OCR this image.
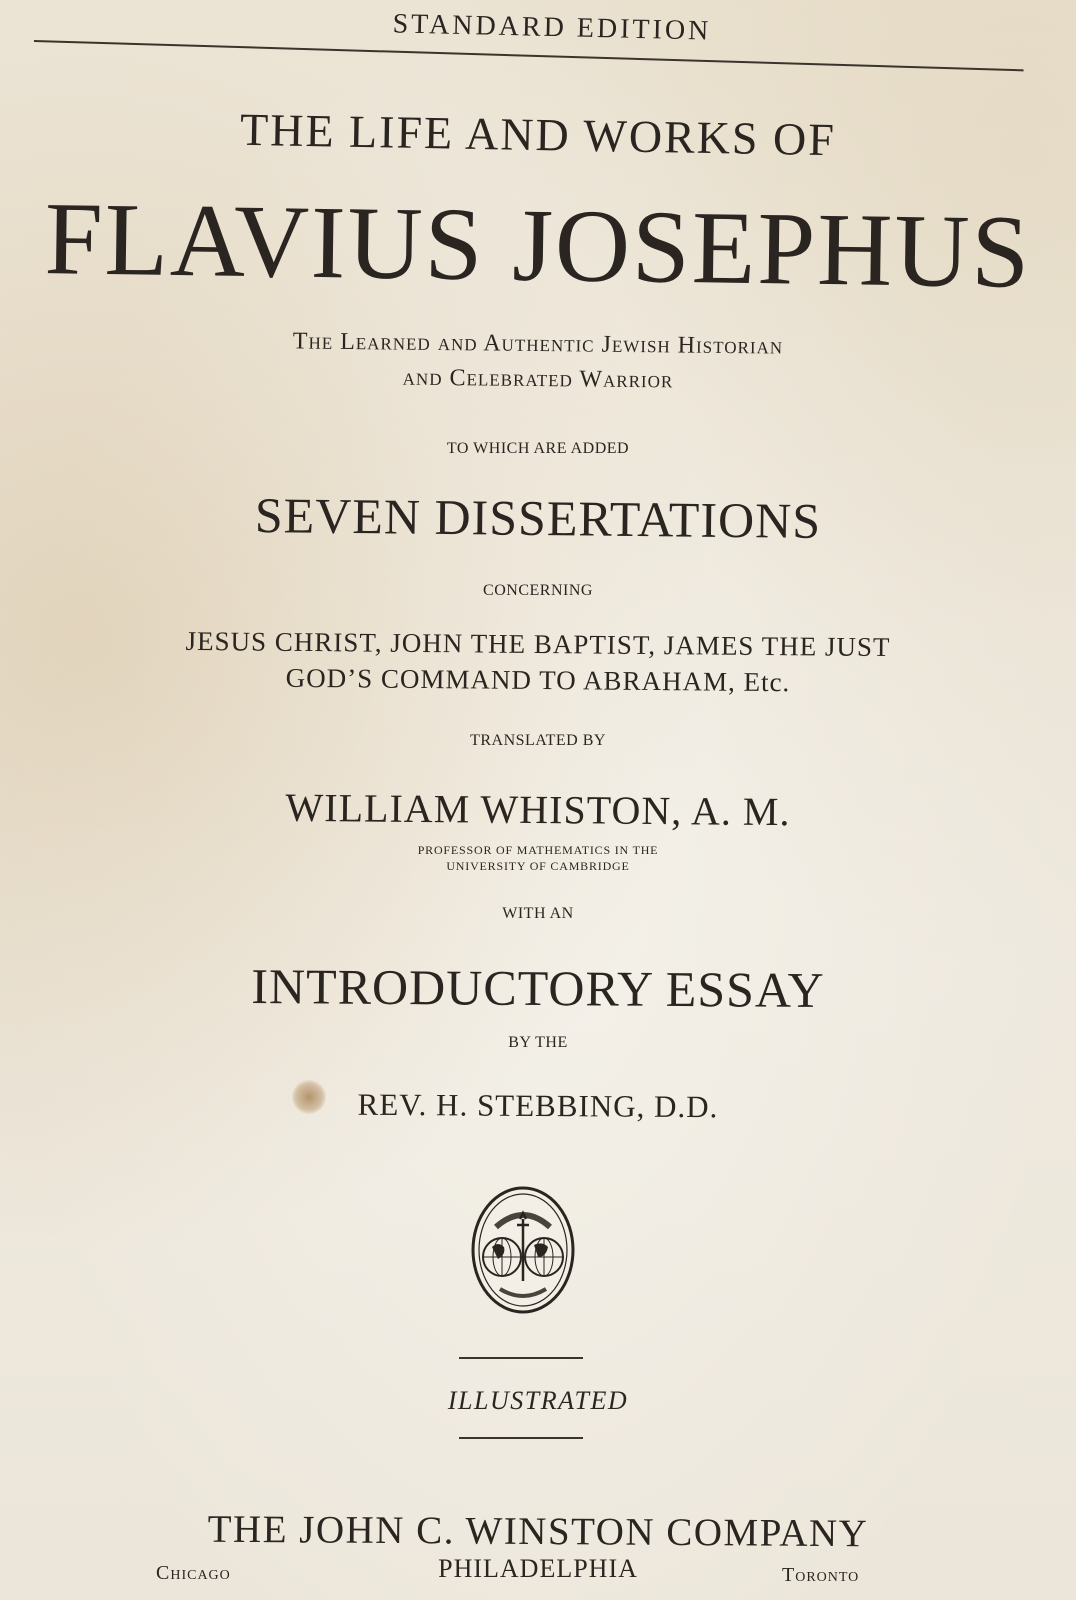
STANDARD EDITION
THE LIFE AND WORKS OF
FLAVIUS JOSEPHUS
The Learned and Authentic Jewish Historian
and Celebrated Warrior
TO WHICH ARE ADDED
SEVEN DISSERTATIONS
CONCERNING
JESUS CHRIST, JOHN THE BAPTIST, JAMES THE JUST
GOD’S COMMAND TO ABRAHAM, Etc.
TRANSLATED BY
WILLIAM WHISTON, A. M.
PROFESSOR OF MATHEMATICS IN THE
UNIVERSITY OF CAMBRIDGE
WITH AN
INTRODUCTORY ESSAY
BY THE
REV. H. STEBBING, D.D.
ILLUSTRATED
THE JOHN C. WINSTON COMPANY
Chicago	PHILADELPHIA	Toronto
